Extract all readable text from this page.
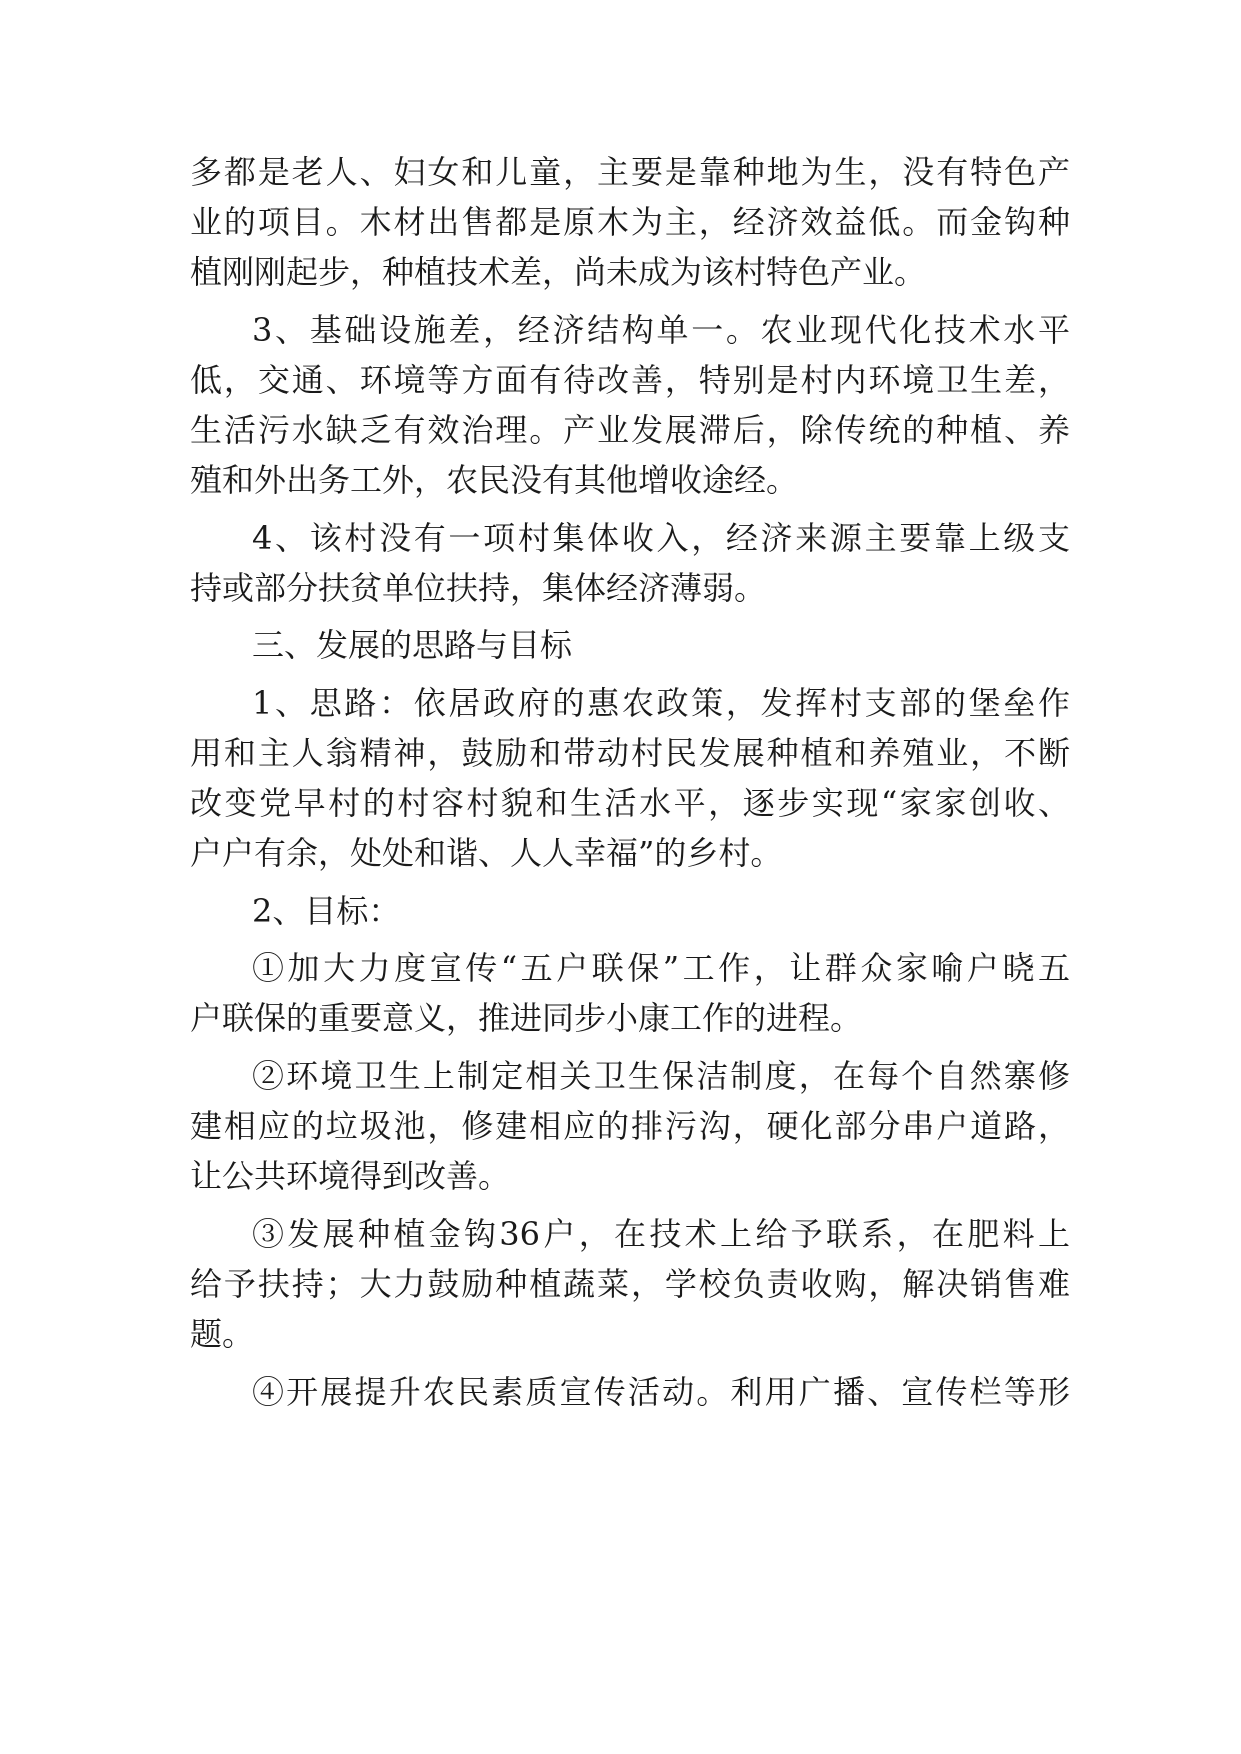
多都是老人、妇女和儿童，主要是靠种地为生，没有特色产
业的项目。木材出售都是原木为主，经济效益低。而金钩种
植刚刚起步，种植技术差，尚未成为该村特色产业。
3、基础设施差，经济结构单一。农业现代化技术水平
低，交通、环境等方面有待改善，特别是村内环境卫生差，
生活污水缺乏有效治理。产业发展滞后，除传统的种植、养
殖和外出务工外，农民没有其他增收途经。
4、该村没有一项村集体收入，经济来源主要靠上级支
持或部分扶贫单位扶持，集体经济薄弱。
三、发展的思路与目标
1、思路：依居政府的惠农政策，发挥村支部的堡垒作
用和主人翁精神，鼓励和带动村民发展种植和养殖业，不断
改变党早村的村容村貌和生活水平，逐步实现“家家创收、
户户有余，处处和谐、人人幸福”的乡村。
2、目标：
①加大力度宣传“五户联保”工作，让群众家喻户晓五
户联保的重要意义，推进同步小康工作的进程。
②环境卫生上制定相关卫生保洁制度，在每个自然寨修
建相应的垃圾池，修建相应的排污沟，硬化部分串户道路，
让公共环境得到改善。
③发展种植金钩36户，在技术上给予联系，在肥料上
给予扶持；大力鼓励种植蔬菜，学校负责收购，解决销售难
题。
④开展提升农民素质宣传活动。利用广播、宣传栏等形
